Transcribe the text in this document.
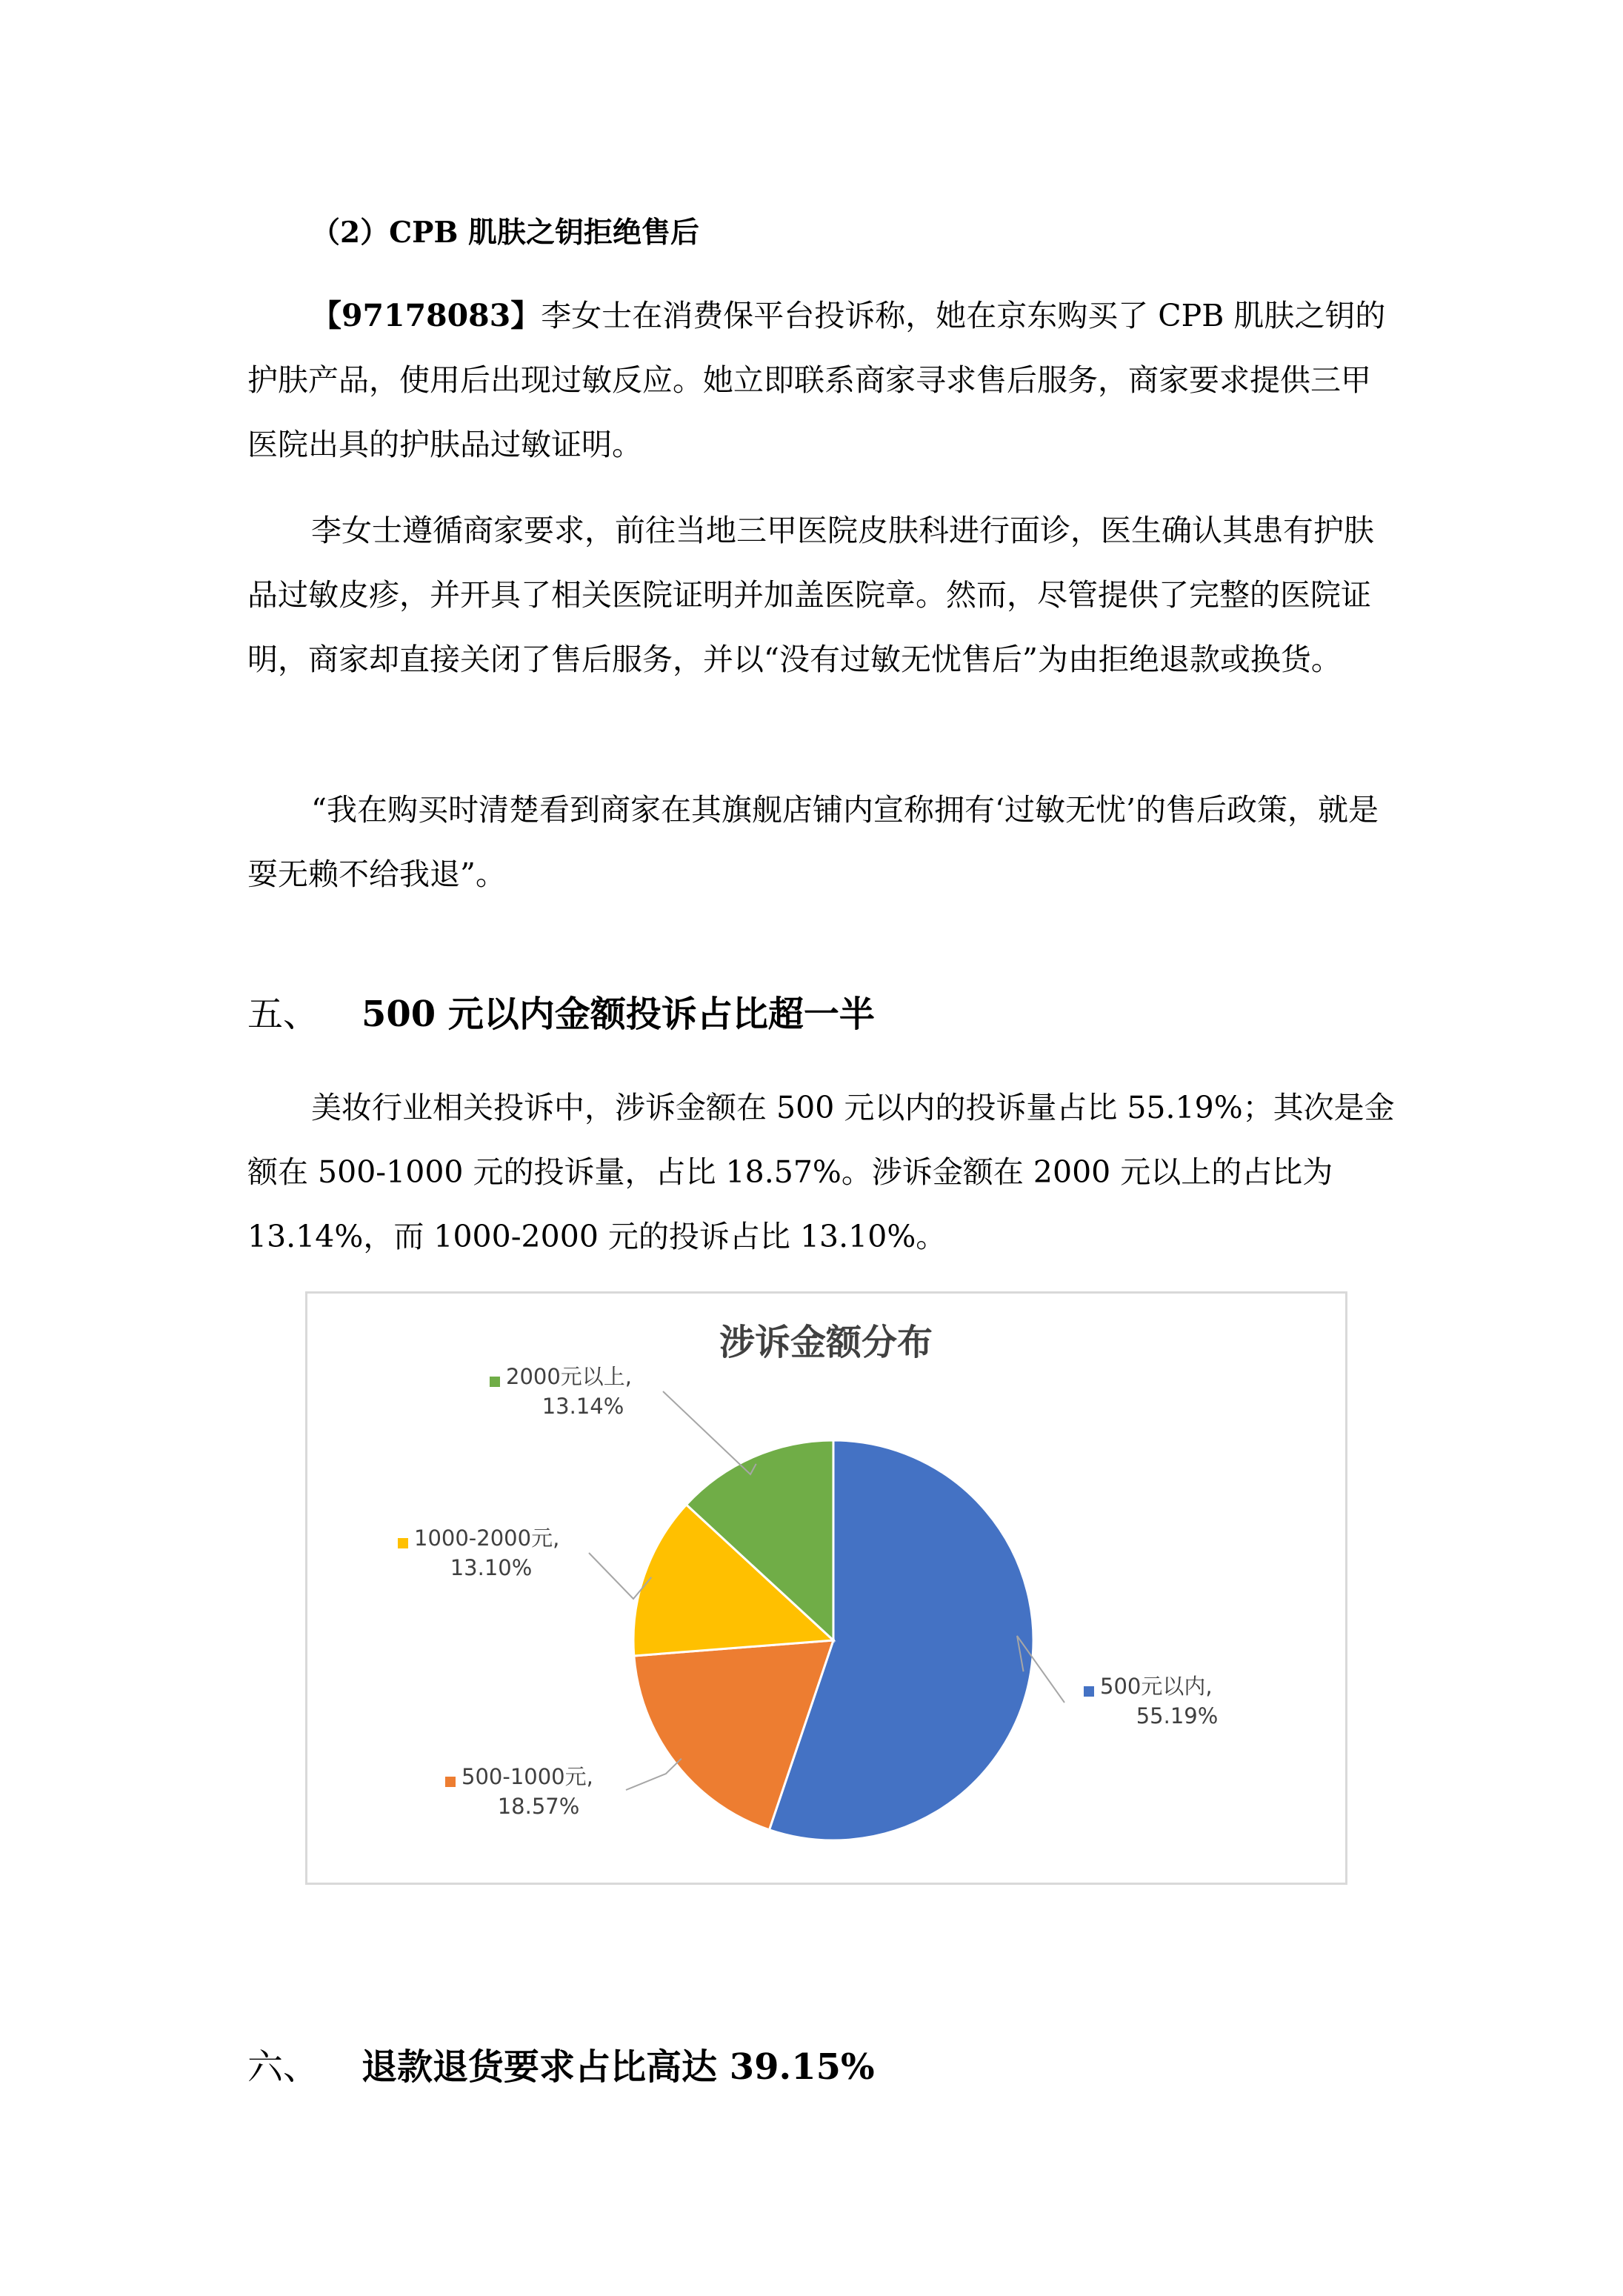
（2）CPB 肌肤之钥拒绝售后

【97178083】李女士在消费保平台投诉称，她在京东购买了 CPB 肌肤之钥的护肤产品，使用后出现过敏反应。她立即联系商家寻求售后服务，商家要求提供三甲医院出具的护肤品过敏证明。

李女士遵循商家要求，前往当地三甲医院皮肤科进行面诊，医生确认其患有护肤品过敏皮疹，并开具了相关医院证明并加盖医院章。然而，尽管提供了完整的医院证明，商家却直接关闭了售后服务，并以“没有过敏无忧售后”为由拒绝退款或换货。

“我在购买时清楚看到商家在其旗舰店铺内宣称拥有‘过敏无忧’的售后政策，就是耍无赖不给我退”。

五、 500 元以内金额投诉占比超一半

美妆行业相关投诉中，涉诉金额在 500 元以内的投诉量占比 55.19%；其次是金额在 500-1000 元的投诉量，占比 18.57%。涉诉金额在 2000 元以上的占比为 13.14%，而 1000-2000 元的投诉占比 13.10%。

涉诉金额分布
500元以内,
55.19%
500-1000元,
18.57%
1000-2000元,
13.10%
2000元以上,
13.14%
六、 退款退货要求占比高达 39.15%
